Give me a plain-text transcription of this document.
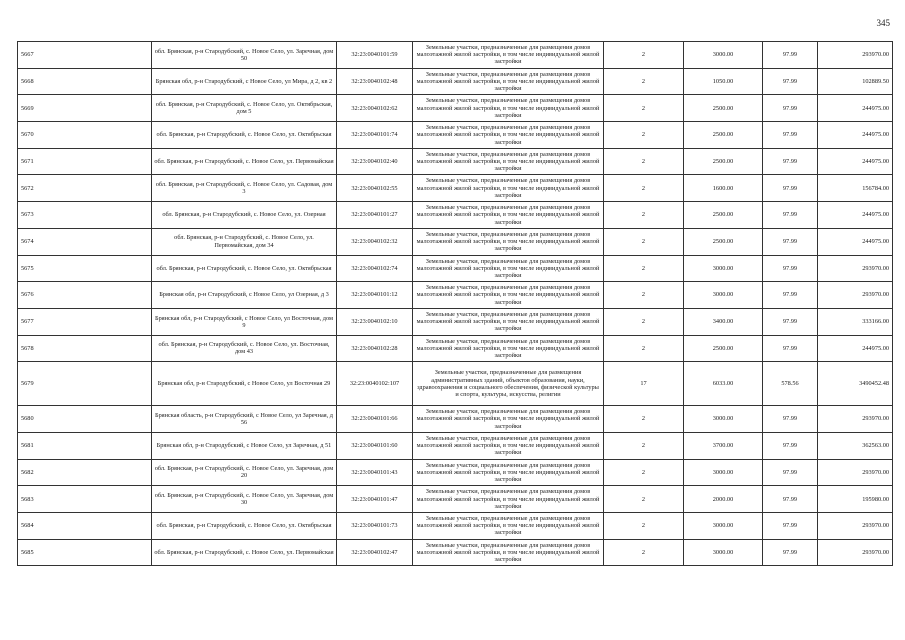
345
5667	обл. Брянская, р-н Стародубский, с. Новое Село, ул. Заречная, дом 50	32:23:0040101:59	Земельные участки, предназначенные для размещения домов малоэтажной жилой застройки, в том числе индивидуальной жилой застройки	2	3000.00	97.99	293970.00
5668	Брянская обл, р-н Стародубский, с Новое Село, ул Мира, д 2, кв 2	32:23:0040102:48	Земельные участки, предназначенные для размещения домов малоэтажной жилой застройки, в том числе индивидуальной жилой застройки	2	1050.00	97.99	102889.50
5669	обл. Брянская, р-н Стародубский, с. Новое Село, ул. Октябрьская, дом 5	32:23:0040102:62	Земельные участки, предназначенные для размещения домов малоэтажной жилой застройки, в том числе индивидуальной жилой застройки	2	2500.00	97.99	244975.00
5670	обл. Брянская, р-н Стародубский, с. Новое Село, ул. Октябрьская	32:23:0040101:74	Земельные участки, предназначенные для размещения домов малоэтажной жилой застройки, в том числе индивидуальной жилой застройки	2	2500.00	97.99	244975.00
5671	обл. Брянская, р-н Стародубский, с. Новое Село, ул. Первомайская	32:23:0040102:40	Земельные участки, предназначенные для размещения домов малоэтажной жилой застройки, в том числе индивидуальной жилой застройки	2	2500.00	97.99	244975.00
5672	обл. Брянская, р-н Стародубский, с. Новое Село, ул. Садовая, дом 3	32:23:0040102:55	Земельные участки, предназначенные для размещения домов малоэтажной жилой застройки, в том числе индивидуальной жилой застройки	2	1600.00	97.99	156784.00
5673	обл. Брянская, р-н Стародубский, с. Новое Село, ул. Озерная	32:23:0040101:27	Земельные участки, предназначенные для размещения домов малоэтажной жилой застройки, в том числе индивидуальной жилой застройки	2	2500.00	97.99	244975.00
5674	обл. Брянская, р-н Стародубский, с. Новое Село, ул. Первомайская, дом 34	32:23:0040102:32	Земельные участки, предназначенные для размещения домов малоэтажной жилой застройки, в том числе индивидуальной жилой застройки	2	2500.00	97.99	244975.00
5675	обл. Брянская, р-н Стародубский, с. Новое Село, ул. Октябрьская	32:23:0040102:74	Земельные участки, предназначенные для размещения домов малоэтажной жилой застройки, в том числе индивидуальной жилой застройки	2	3000.00	97.99	293970.00
5676	Брянская обл, р-н Стародубский, с Новое Село, ул Озерная, д 3	32:23:0040101:12	Земельные участки, предназначенные для размещения домов малоэтажной жилой застройки, в том числе индивидуальной жилой застройки	2	3000.00	97.99	293970.00
5677	Брянская обл, р-н Стародубский, с Новое Село, ул Восточная, дом 9	32:23:0040102:10	Земельные участки, предназначенные для размещения домов малоэтажной жилой застройки, в том числе индивидуальной жилой застройки	2	3400.00	97.99	333166.00
5678	обл. Брянская, р-н Стародубский, с. Новое Село, ул. Восточная, дом 43	32:23:0040102:28	Земельные участки, предназначенные для размещения домов малоэтажной жилой застройки, в том числе индивидуальной жилой застройки	2	2500.00	97.99	244975.00
5679	Брянская обл, р-н Стародубский, с Новое Село, ул Восточная 29	32:23:0040102:107	Земельные участки, предназначенные для размещения административных зданий, объектов образования, науки, здравоохранения и социального обеспечения, физической культуры и спорта, культуры, искусства, религии	17	6033.00	578.56	3490452.48
5680	Брянская область, р-н Стародубский, с Новое Село, ул Заречная, д 56	32:23:0040101:66	Земельные участки, предназначенные для размещения домов малоэтажной жилой застройки, в том числе индивидуальной жилой застройки	2	3000.00	97.99	293970.00
5681	Брянская обл, р-н Стародубский, с Новое Село, ул Заречная, д 51	32:23:0040101:60	Земельные участки, предназначенные для размещения домов малоэтажной жилой застройки, в том числе индивидуальной жилой застройки	2	3700.00	97.99	362563.00
5682	обл. Брянская, р-н Стародубский, с. Новое Село, ул. Заречная, дом 20	32:23:0040101:43	Земельные участки, предназначенные для размещения домов малоэтажной жилой застройки, в том числе индивидуальной жилой застройки	2	3000.00	97.99	293970.00
5683	обл. Брянская, р-н Стародубский, с. Новое Село, ул. Заречная, дом 30	32:23:0040101:47	Земельные участки, предназначенные для размещения домов малоэтажной жилой застройки, в том числе индивидуальной жилой застройки	2	2000.00	97.99	195980.00
5684	обл. Брянская, р-н Стародубский, с. Новое Село, ул. Октябрьская	32:23:0040101:73	Земельные участки, предназначенные для размещения домов малоэтажной жилой застройки, в том числе индивидуальной жилой застройки	2	3000.00	97.99	293970.00
5685	обл. Брянская, р-н Стародубский, с. Новое Село, ул. Первомайская	32:23:0040102:47	Земельные участки, предназначенные для размещения домов малоэтажной жилой застройки, в том числе индивидуальной жилой застройки	2	3000.00	97.99	293970.00
